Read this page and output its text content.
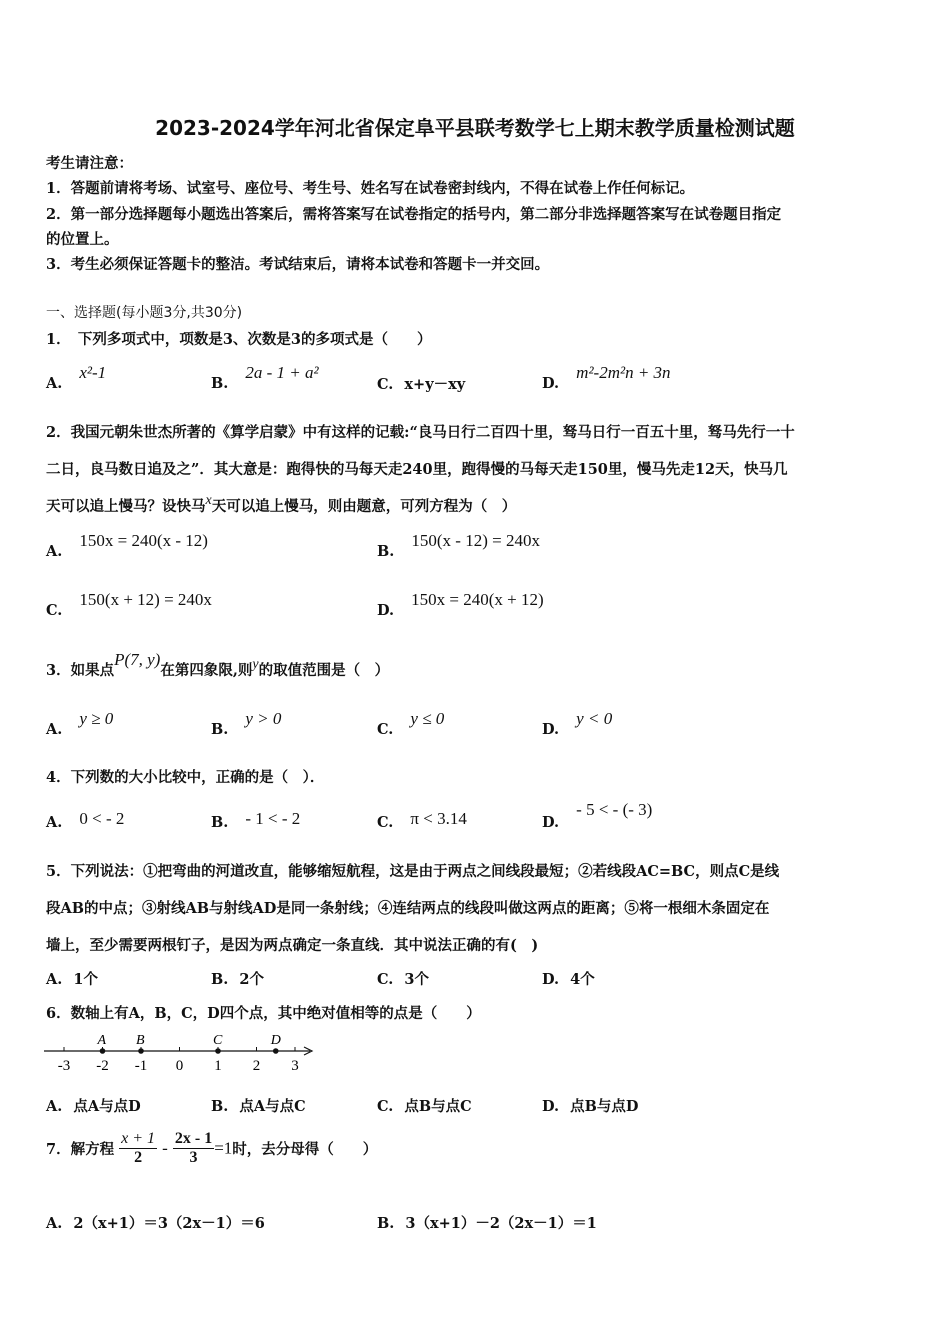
2023-2024学年河北省保定阜平县联考数学七上期末教学质量检测试题
考生请注意：
1．答题前请将考场、试室号、座位号、考生号、姓名写在试卷密封线内，不得在试卷上作任何标记。
2．第一部分选择题每小题选出答案后，需将答案写在试卷指定的括号内，第二部分非选择题答案写在试卷题目指定
的位置上。
3．考生必须保证答题卡的整洁。考试结束后，请将本试卷和答题卡一并交回。
一、选择题(每小题3分,共30分)
1．　下列多项式中，项数是3、次数是3的多项式是（　　）
A. x²-1
B. 2a - 1 + a²
C. x+y－xy	D. m²-2m²n + 3n
2．我国元朝朱世杰所著的《算学启蒙》中有这样的记载:“良马日行二百四十里，驽马日行一百五十里，驽马先行一十
二日，良马数日追及之”．其大意是：跑得快的马每天走240里，跑得慢的马每天走150里，慢马先走12天，快马几
天可以追上慢马？设快马x天可以追上慢马，则由题意，可列方程为（　）
A. 150x = 240(x - 12)
B. 150(x - 12) = 240x
C. 150(x + 12) = 240x
D. 150x = 240(x + 12)
3．如果点P(7, y)在第四象限,则y的取值范围是（　）
A. y ≥ 0
B. y > 0
C. y ≤ 0
D. y < 0
4．下列数的大小比较中，正确的是（　）．
A. 0 < - 2	B. - 1 < - 2	C. π < 3.14	D. - 5 < - (- 3)
5．下列说法：①把弯曲的河道改直，能够缩短航程，这是由于两点之间线段最短；②若线段AC=BC，则点C是线
段AB的中点；③射线AB与射线AD是同一条射线；④连结两点的线段叫做这两点的距离；⑤将一根细木条固定在
墙上，至少需要两根钉子，是因为两点确定一条直线．其中说法正确的有(　)
A. 1个	B. 2个	C. 3个	D. 4个
6．数轴上有A，B，C，D四个点，其中绝对值相等的点是（　　）
-3 -2 -1 0 1 2 3
A B	C	D
A. 点A与点D	B. 点A与点C	C. 点B与点C	D. 点B与点D
7．解方程 $\frac{x + 1}{2} - \frac{2x - 1}{3} =1$时，去分母得（　　）
A. 2（x+1）＝3（2x－1）＝6	B. 3（x+1）－2（2x－1）＝1
